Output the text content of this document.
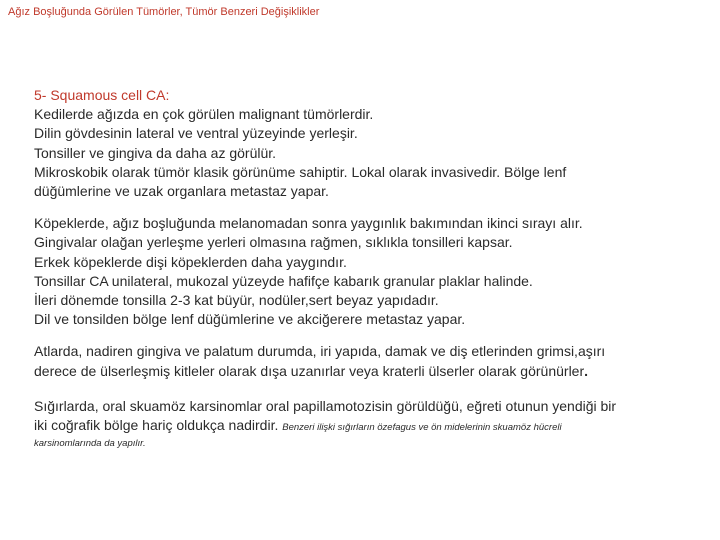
Ağız Boşluğunda Görülen Tümörler, Tümör Benzeri Değişiklikler
5- Squamous cell CA:
Kedilerde ağızda en çok görülen malignant tümörlerdir.
Dilin gövdesinin lateral ve ventral yüzeyinde yerleşir.
Tonsiller ve gingiva da daha az görülür.
Mikroskobik olarak tümör klasik görünüme sahiptir. Lokal olarak invasivedir. Bölge lenf
düğümlerine ve uzak organlara metastaz yapar.
Köpeklerde, ağız boşluğunda melanomadan sonra yaygınlık bakımından ikinci sırayı alır.
Gingivalar olağan yerleşme yerleri olmasına rağmen, sıklıkla tonsilleri kapsar.
Erkek köpeklerde dişi köpeklerden daha yaygındır.
Tonsillar CA unilateral, mukozal yüzeyde hafifçe kabarık granular plaklar halinde.
İleri dönemde tonsilla 2-3 kat büyür, nodüler,sert beyaz yapıdadır.
Dil ve tonsilden bölge lenf düğümlerine ve akciğerere metastaz yapar.
Atlarda, nadiren gingiva ve palatum durumda, iri yapıda, damak ve diş etlerinden grimsi,aşırı
derece de ülserleşmiş kitleler olarak dışa uzanırlar veya kraterli ülserler olarak görünürler.
Sığırlarda, oral skuamöz karsinomlar oral papillamotozisin görüldüğü, eğreti otunun yendiği bir
iki coğrafik bölge hariç oldukça nadirdir. Benzeri ilişki sığırların özefagus ve ön midelerinin skuamöz hücreli
karsinomlarında da yapılır.
